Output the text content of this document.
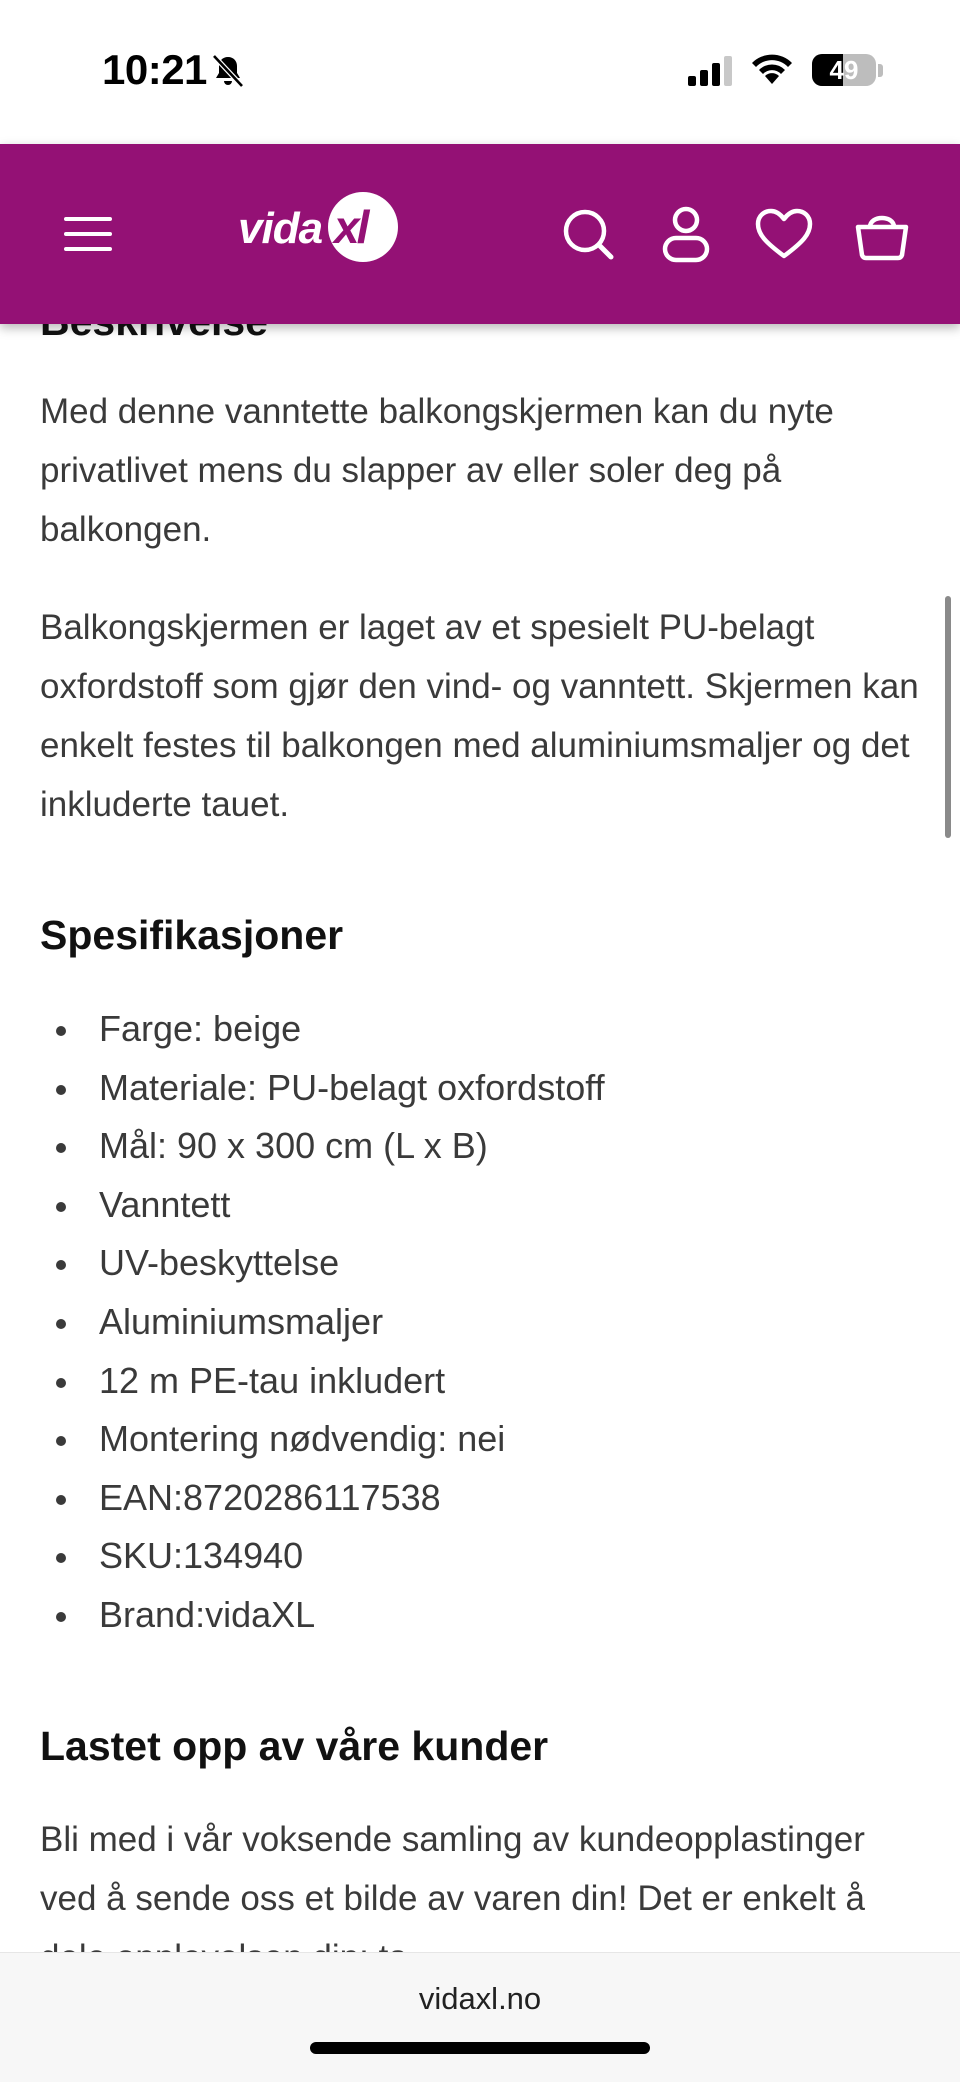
10:21	49
vida xl

Med denne vanntette balkongskjermen kan du nyte privatlivet mens du slapper av eller soler deg på balkongen.

Balkongskjermen er laget av et spesielt PU-belagt oxfordstoff som gjør den vind- og vanntett. Skjermen kan enkelt festes til balkongen med aluminiumsmaljer og det inkluderte tauet.

Spesifikasjoner
Farge: beige
Materiale: PU-belagt oxfordstoff
Mål: 90 x 300 cm (L x B)
Vanntett
UV-beskyttelse
Aluminiumsmaljer
12 m PE-tau inkludert
Montering nødvendig: nei
EAN:8720286117538
SKU:134940
Brand:vidaXL
Lastet opp av våre kunder

Bli med i vår voksende samling av kundeopplastinger ved å sende oss et bilde av varen din! Det er enkelt å

vidaxl.no
